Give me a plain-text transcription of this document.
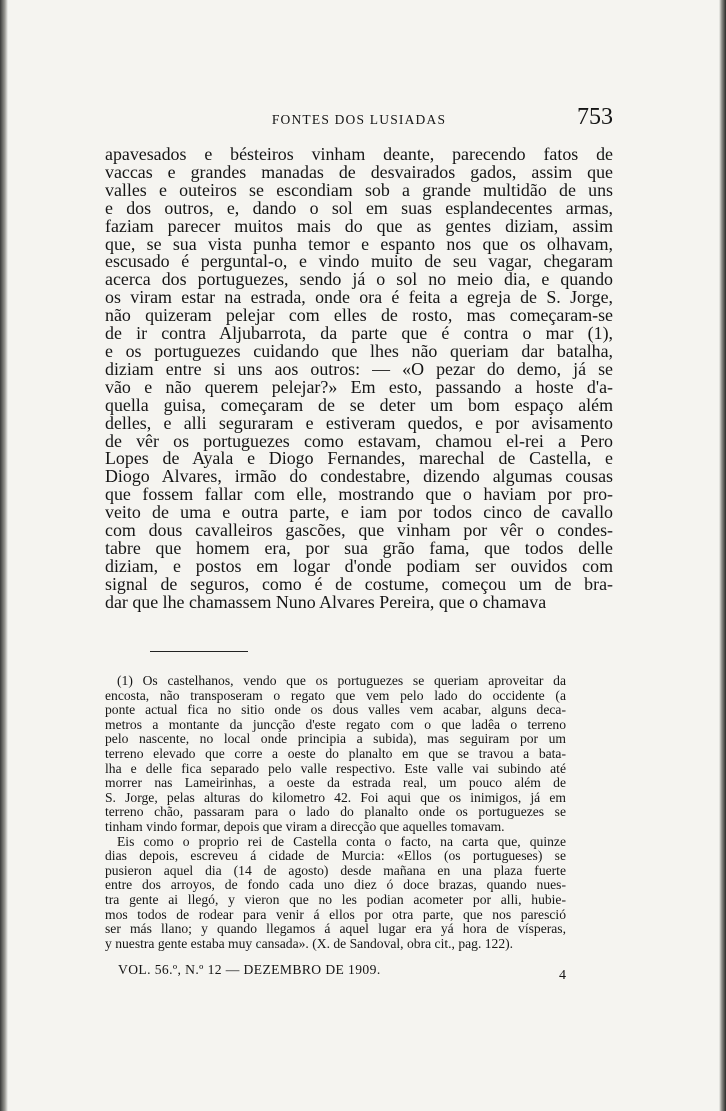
FONTES DOS LUSIADAS	753

apavesados e bésteiros vinham deante, parecendo fatos de
vaccas e grandes manadas de desvairados gados, assim que
valles e outeiros se escondiam sob a grande multidão de uns
e dos outros, e, dando o sol em suas esplandecentes armas,
faziam parecer muitos mais do que as gentes diziam, assim
que, se sua vista punha temor e espanto nos que os olhavam,
escusado é perguntal-o, e vindo muito de seu vagar, chegaram
acerca dos portuguezes, sendo já o sol no meio dia, e quando
os viram estar na estrada, onde ora é feita a egreja de S. Jorge,
não quizeram pelejar com elles de rosto, mas começaram-se
de ir contra Aljubarrota, da parte que é contra o mar (1),
e os portuguezes cuidando que lhes não queriam dar batalha,
diziam entre si uns aos outros: — «O pezar do demo, já se
vão e não querem pelejar?» Em esto, passando a hoste d'a-
quella guisa, começaram de se deter um bom espaço além
delles, e alli seguraram e estiveram quedos, e por avisamento
de vêr os portuguezes como estavam, chamou el-rei a Pero
Lopes de Ayala e Diogo Fernandes, marechal de Castella, e
Diogo Alvares, irmão do condestabre, dizendo algumas cousas
que fossem fallar com elle, mostrando que o haviam por pro-
veito de uma e outra parte, e iam por todos cinco de cavallo
com dous cavalleiros gascões, que vinham por vêr o condes-
tabre que homem era, por sua grão fama, que todos delle
diziam, e postos em logar d'onde podiam ser ouvidos com
signal de seguros, como é de costume, começou um de bra-
dar que lhe chamassem Nuno Alvares Pereira, que o chamava

(1) Os castelhanos, vendo que os portuguezes se queriam aproveitar da
encosta, não transposeram o regato que vem pelo lado do occidente (a
ponte actual fica no sitio onde os dous valles vem acabar, alguns deca-
metros a montante da juncção d'este regato com o que ladêa o terreno
pelo nascente, no local onde principia a subida), mas seguiram por um
terreno elevado que corre a oeste do planalto em que se travou a bata-
lha e delle fica separado pelo valle respectivo. Este valle vai subindo até
morrer nas Lameirinhas, a oeste da estrada real, um pouco além de
S. Jorge, pelas alturas do kilometro 42. Foi aqui que os inimigos, já em
terreno chão, passaram para o lado do planalto onde os portuguezes se
tinham vindo formar, depois que viram a direcção que aquelles tomavam.
Eis como o proprio rei de Castella conta o facto, na carta que, quinze
dias depois, escreveu á cidade de Murcia: «Ellos (os portugueses) se
pusieron aquel dia (14 de agosto) desde mañana en una plaza fuerte
entre dos arroyos, de fondo cada uno diez ó doce brazas, quando nues-
tra gente ai llegó, y vieron que no les podian acometer por alli, hubie-
mos todos de rodear para venir á ellos por otra parte, que nos paresció
ser más llano; y quando llegamos á aquel lugar era yá hora de vísperas,
y nuestra gente estaba muy cansada». (X. de Sandoval, obra cit., pag. 122).
VOL. 56.º, N.º 12 — DEZEMBRO DE 1909.	4
